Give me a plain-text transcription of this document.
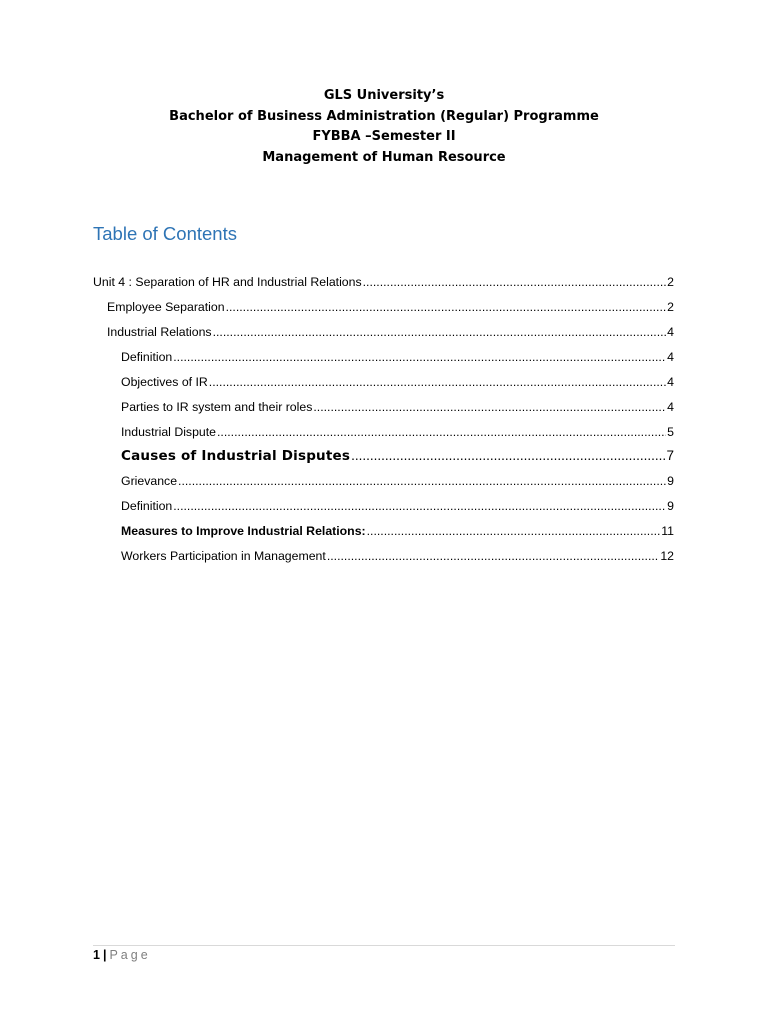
GLS University’s
Bachelor of Business Administration (Regular) Programme
FYBBA –Semester II
Management of Human Resource
Table of Contents
Unit 4 : Separation of HR and Industrial Relations .....	2
Employee Separation .....	2
Industrial Relations .....	4
Definition .....	4
Objectives of IR .....	4
Parties to IR system and their roles .....	4
Industrial Dispute .....	5
Causes of Industrial Disputes .....	7
Grievance .....	9
Definition .....	9
Measures to Improve Industrial Relations: .....	11
Workers Participation in Management .....	12
1 | Page
